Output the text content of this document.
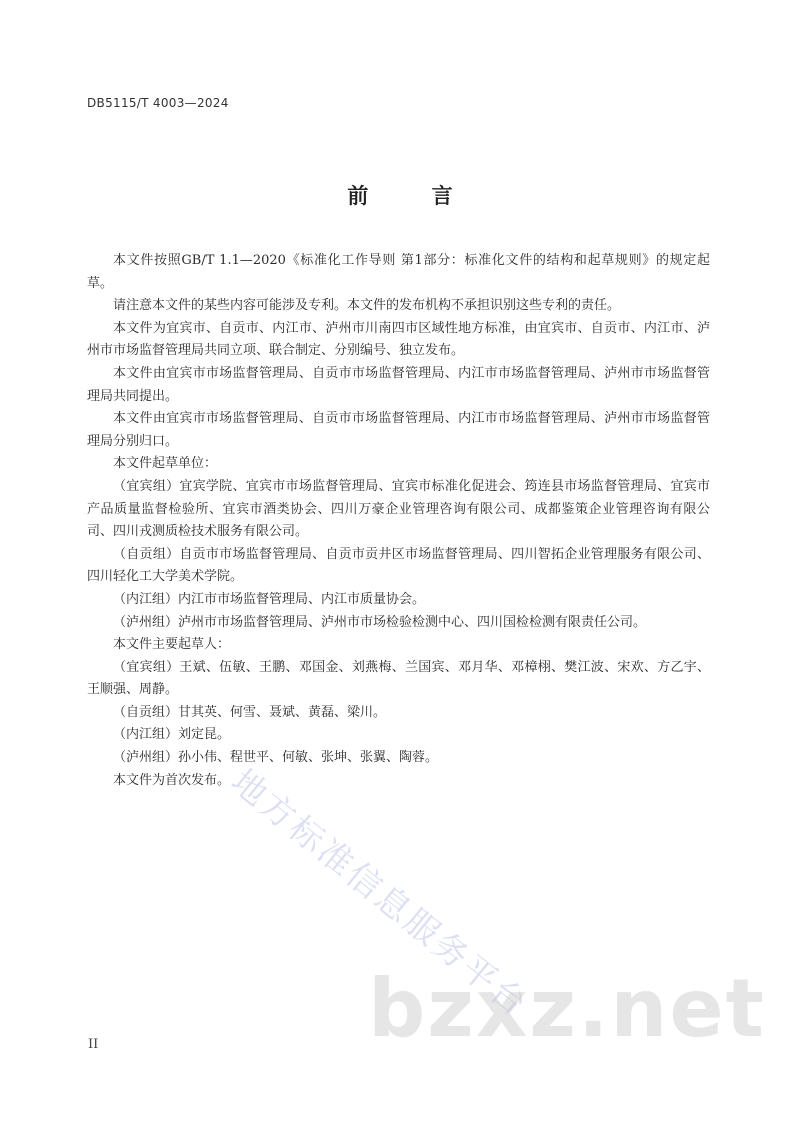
DB5115/T 4003—2024
前 言

本文件按照GB/T 1.1—2020《标准化工作导则 第1部分：标准化文件的结构和起草规则》的规定起草。

请注意本文件的某些内容可能涉及专利。本文件的发布机构不承担识别这些专利的责任。

本文件为宜宾市、自贡市、内江市、泸州市川南四市区域性地方标准，由宜宾市、自贡市、内江市、泸州市市场监督管理局共同立项、联合制定、分别编号、独立发布。

本文件由宜宾市市场监督管理局、自贡市市场监督管理局、内江市市场监督管理局、泸州市市场监督管理局共同提出。

本文件由宜宾市市场监督管理局、自贡市市场监督管理局、内江市市场监督管理局、泸州市市场监督管理局分别归口。

本文件起草单位：

（宜宾组）宜宾学院、宜宾市市场监督管理局、宜宾市标准化促进会、筠连县市场监督管理局、宜宾市产品质量监督检验所、宜宾市酒类协会、四川万豪企业管理咨询有限公司、成都鉴策企业管理咨询有限公司、四川戎测质检技术服务有限公司。

（自贡组）自贡市市场监督管理局、自贡市贡井区市场监督管理局、四川智拓企业管理服务有限公司、四川轻化工大学美术学院。

（内江组）内江市市场监督管理局、内江市质量协会。

（泸州组）泸州市市场监督管理局、泸州市市场检验检测中心、四川国检检测有限责任公司。

本文件主要起草人：

（宜宾组）王斌、伍敏、王鹏、邓国金、刘燕梅、兰国宾、邓月华、邓樟栩、樊江波、宋欢、方乙宇、王顺强、周静。

（自贡组）甘其英、何雪、聂斌、黄磊、梁川。

（内江组）刘定昆。

（泸州组）孙小伟、程世平、何敏、张坤、张翼、陶蓉。

本文件为首次发布。

II
地方标准信息服务平台
bzxz.net
